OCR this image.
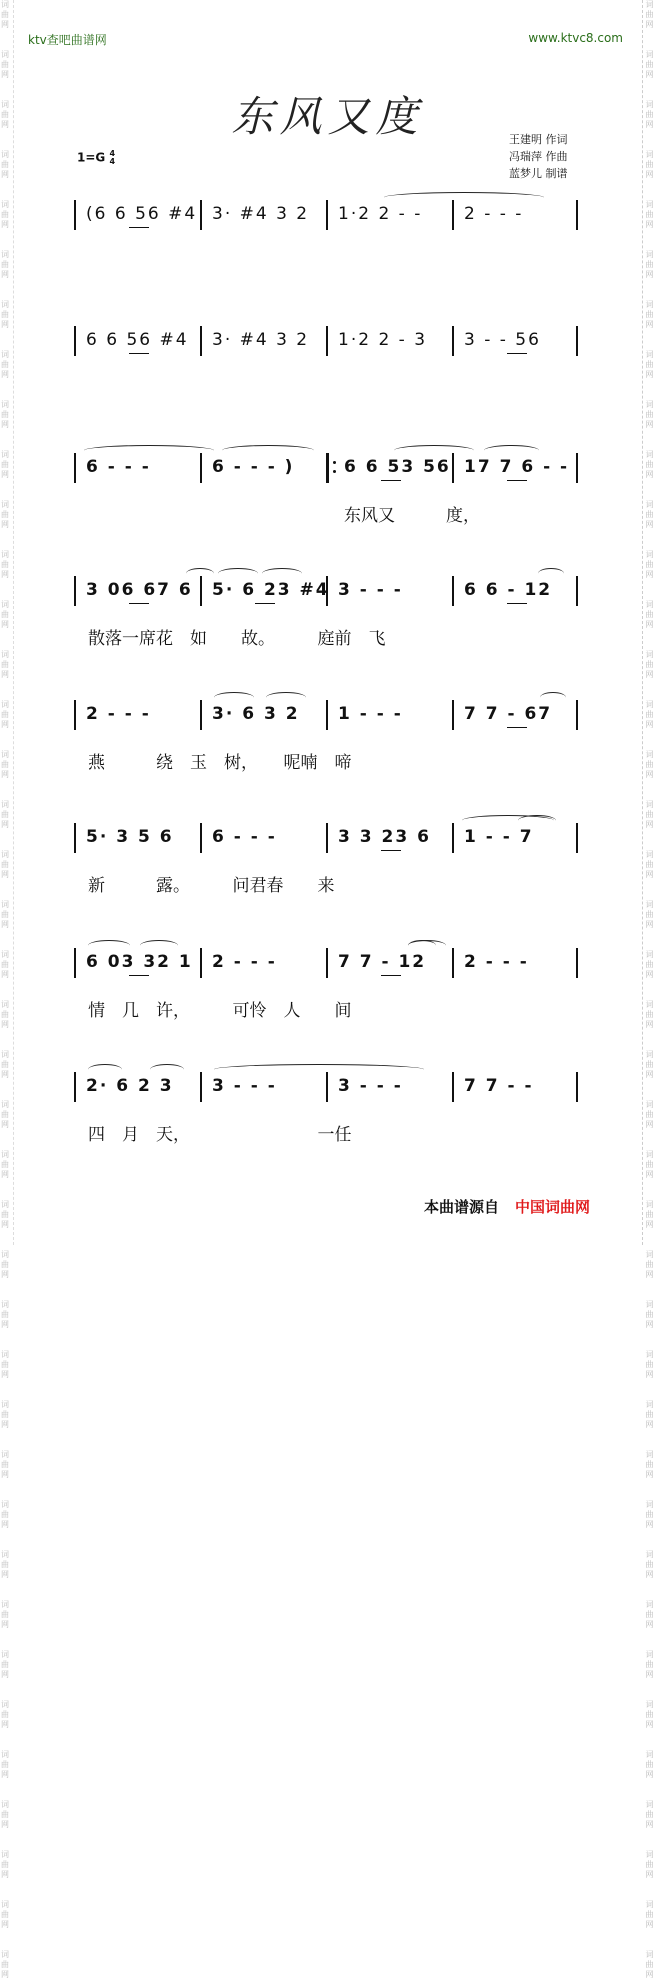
词
曲
网

词
曲
网

词
曲
网

词
曲
网

词
曲
网

词
曲
网

词
曲
网

词
曲
网

词
曲
网

词
曲
网

词
曲
网

词
曲
网

词
曲
网

词
曲
网

词
曲
网

词
曲
网

词
曲
网

词
曲
网

词
曲
网

词
曲
网

词
曲
网

词
曲
网

词
曲
网

词
曲
网

词
曲
网

词
曲
网

词
曲
网

词
曲
网

词
曲
网

词
曲
网

词
曲
网

词
曲
网

词
曲
网

词
曲
网

词
曲
网

词
曲
网

词
曲
网

词
曲
网

词
曲
网

词
曲
网

词
曲
网

词
曲
网

词
曲
网

词
曲
网

词
曲
网

词
曲
网

词
曲
网

词
曲
网

词
曲
网

词
曲
网

词
曲
网

词
曲
网

词
曲
网

词
曲
网

词
曲
网

词
曲
网

词
曲
网

词
曲
网

词
曲
网

词
曲
网

词
曲
网

词
曲
网

词
曲
网

词
曲
网

词
曲
网

词
曲
网

词
曲
网

词
曲
网

词
曲
网

词
曲
网

词
曲
网

词
曲
网

词
曲
网

词
曲
网

词
曲
网

词
曲
网

词
曲
网

词
曲
网

词
曲
网

词
曲
网

ktv查吧曲谱网	www.ktvc8.com
东风又度	王建明 作词
冯瑞萍 作曲
蓝梦儿 制谱
1=G 4
4
(6 6 56 #4 3· #4 3 2 1·2 2 - - 2 - - -
6 6 56 #4 3· #4 3 2 1·2 2 - 3 3 - - 56
6 - - -	6 - - - )	6 6 53 56 17 7 6 - -
东风又　　　度，
3 06 67 6 5· 6 23 #4 3 - - -	6 6 - 12
散落一席花　如　　故。　　　庭前　飞
2 - - -	3· 6 3 2 1 - - -	7 7 - 67
燕　　　绕　玉　树，　　呢喃　啼
5· 3 5 6 6 - - -	3 3 23 6 1 - - 7
新　　　露。　　　问君春　　来
6 03 32 1 2 - - -	7 7 - 12 2 - - -
情　几　许，　　　可怜　人　　间
2· 6 2 3 3 - - -	3 - - -	7 7 - -
四　月　天，　　　　　　　　一任
本曲谱源自 中国词曲网
